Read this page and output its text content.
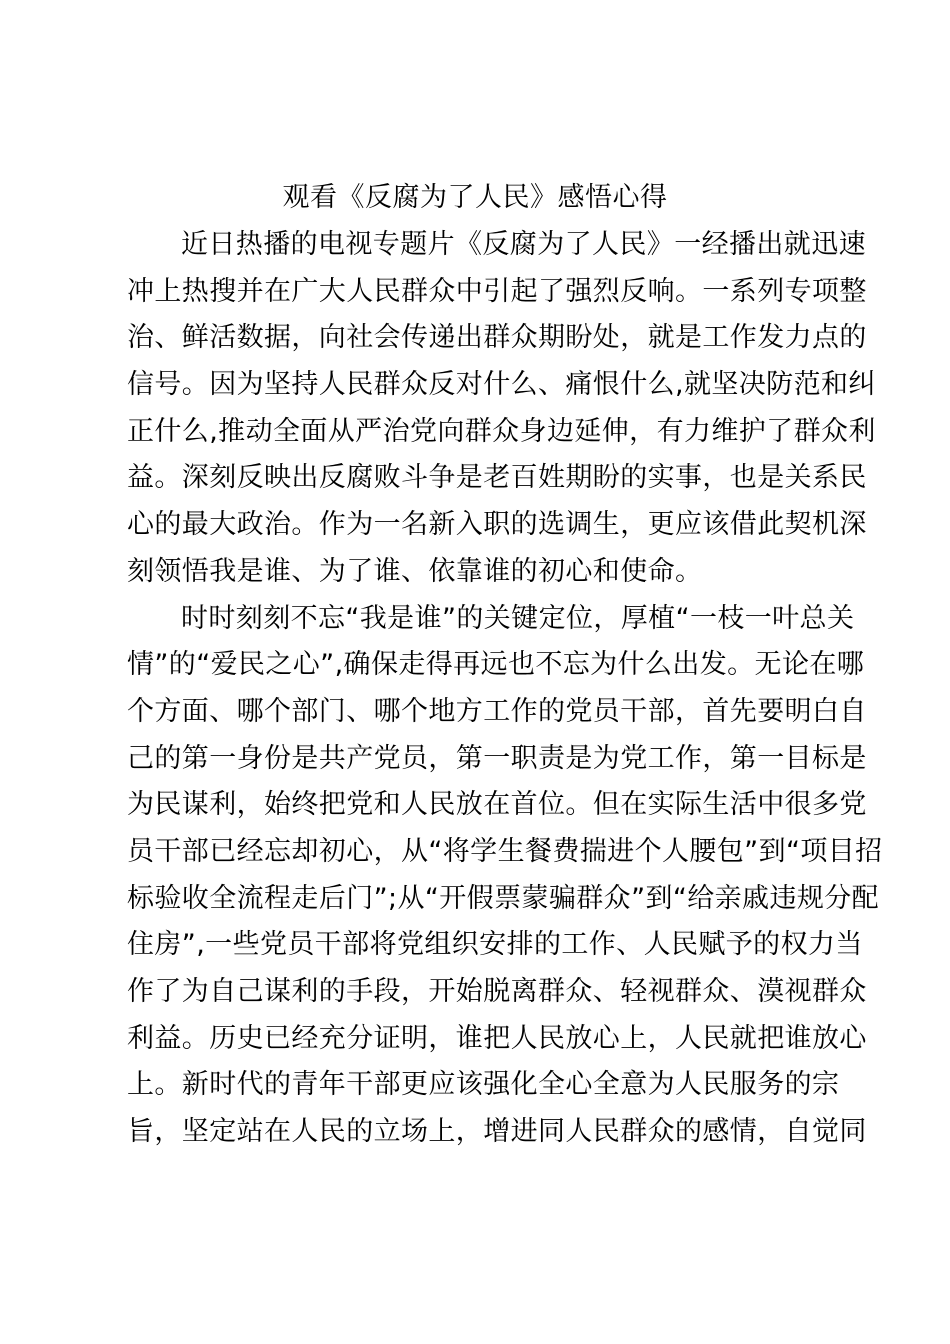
观看《反腐为了人民》感悟心得
近日热播的电视专题片《反腐为了人民》一经播出就迅速
冲上热搜并在广大人民群众中引起了强烈反响。一系列专项整
治、鲜活数据，向社会传递出群众期盼处，就是工作发力点的
信号。因为坚持人民群众反对什么、痛恨什么,就坚决防范和纠
正什么,推动全面从严治党向群众身边延伸，有力维护了群众利
益。深刻反映出反腐败斗争是老百姓期盼的实事，也是关系民
心的最大政治。作为一名新入职的选调生，更应该借此契机深
刻领悟我是谁、为了谁、依靠谁的初心和使命。
时时刻刻不忘“我是谁”的关键定位，厚植“一枝一叶总关
情”的“爱民之心”,确保走得再远也不忘为什么出发。无论在哪
个方面、哪个部门、哪个地方工作的党员干部，首先要明白自
己的第一身份是共产党员，第一职责是为党工作，第一目标是
为民谋利，始终把党和人民放在首位。但在实际生活中很多党
员干部已经忘却初心，从“将学生餐费揣进个人腰包”到“项目招
标验收全流程走后门”;从“开假票蒙骗群众”到“给亲戚违规分配
住房”,一些党员干部将党组织安排的工作、人民赋予的权力当
作了为自己谋利的手段，开始脱离群众、轻视群众、漠视群众
利益。历史已经充分证明，谁把人民放心上，人民就把谁放心
上。新时代的青年干部更应该强化全心全意为人民服务的宗
旨，坚定站在人民的立场上，增进同人民群众的感情，自觉同
